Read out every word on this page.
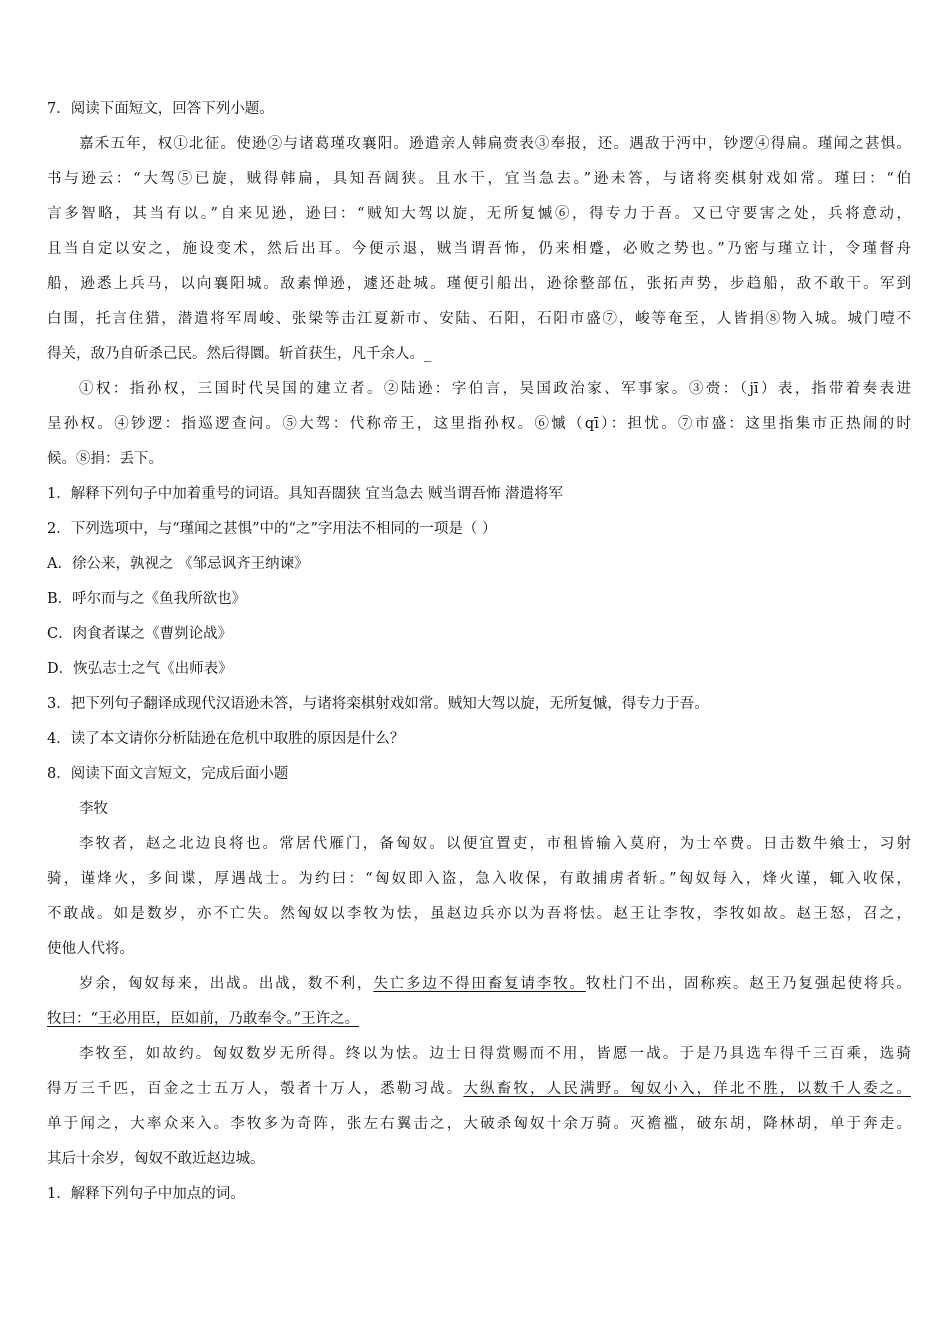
7．阅读下面短文，回答下列小题。
嘉禾五年，权①北征。使逊②与诸葛瑾攻襄阳。逊遣亲人韩扁赍表③奉报，还。遇敌于沔中，钞逻④得扁。瑾闻之甚惧。
书与逊云：“大驾⑤已旋，贼得韩扁，具知吾阔狭。且水干，宜当急去。”逊未答，与诸将奕棋射戏如常。瑾曰：“伯
言多智略，其当有以。”自来见逊，逊曰：“贼知大驾以旋，无所复慽⑥，得专力于吾。又已守要害之处，兵将意动，
且当自定以安之，施设变术，然后出耳。今便示退，贼当谓吾怖，仍来相蹙，必败之势也。”乃密与瑾立计，令瑾督舟
船，逊悉上兵马，以向襄阳城。敌素惮逊，遽还赴城。瑾便引船出，逊徐整部伍，张拓声势，步趋船，敌不敢干。军到
白围，托言住猎，潜遣将军周峻、张梁等击江夏新市、安陆、石阳，石阳市盛⑦，峻等奄至，人皆捐⑧物入城。城门噎不
得关，敌乃自斫杀己民。然后得圜。斩首获生，凡千余人。_
①权：指孙权，三国时代吴国的建立者。②陆逊：字伯言，吴国政治家、军事家。③赍：（jī）表，指带着奏表进
呈孙权。④钞逻：指巡逻查问。⑤大驾：代称帝王，这里指孙权。⑥慽（qī）：担忧。⑦市盛：这里指集市正热闹的时
候。⑧捐：丢下。
1．解释下列句子中加着重号的词语。具知吾闊狭 宜当急去 贼当谓吾怖 潜遣将军
2．下列选项中，与“瑾闻之甚惧”中的“之”字用法不相同的一项是（ ）
A．徐公来，孰视之 《邹忌讽齐王纳谏》
B．呼尔而与之《鱼我所欲也》
C．肉食者谋之《曹刿论战》
D．恢弘志士之气《出师表》
3．把下列句子翻译成现代汉语逊未答，与诸将栾棋射戏如常。贼知大驾以旋，无所复慽，得专力于吾。
4．读了本文请你分析陆逊在危机中取胜的原因是什么？
8．阅读下面文言短文，完成后面小题
李牧
李牧者，赵之北边良将也。常居代雁门，备匈奴。以便宜置吏，市租皆输入莫府，为士卒费。日击数牛飨士，习射
骑，谨烽火，多间谍，厚遇战士。为约曰：“匈奴即入盗，急入收保，有敢捕虏者斩。”匈奴每入，烽火谨，辄入收保，
不敢战。如是数岁，亦不亡失。然匈奴以李牧为怯，虽赵边兵亦以为吾将怯。赵王让李牧，李牧如故。赵王怒，召之，
使他人代将。
岁余，匈奴每来，出战。出战，数不利，失亡多边不得田畜复请李牧。牧杜门不出，固称疾。赵王乃复强起使将兵。
牧曰：“王必用臣，臣如前，乃敢奉令。”王许之。
李牧至，如故约。匈奴数岁无所得。终以为怯。边士日得赏赐而不用，皆愿一战。于是乃具选车得千三百乘，选骑
得万三千匹，百金之士五万人，彀者十万人，悉勒习战。大纵畜牧，人民满野。匈奴小入，佯北不胜，以数千人委之。
单于闻之，大率众来入。李牧多为奇阵，张左右翼击之，大破杀匈奴十余万骑。灭襜褴，破东胡，降林胡，单于奔走。
其后十余岁，匈奴不敢近赵边城。
1．解释下列句子中加点的词。
